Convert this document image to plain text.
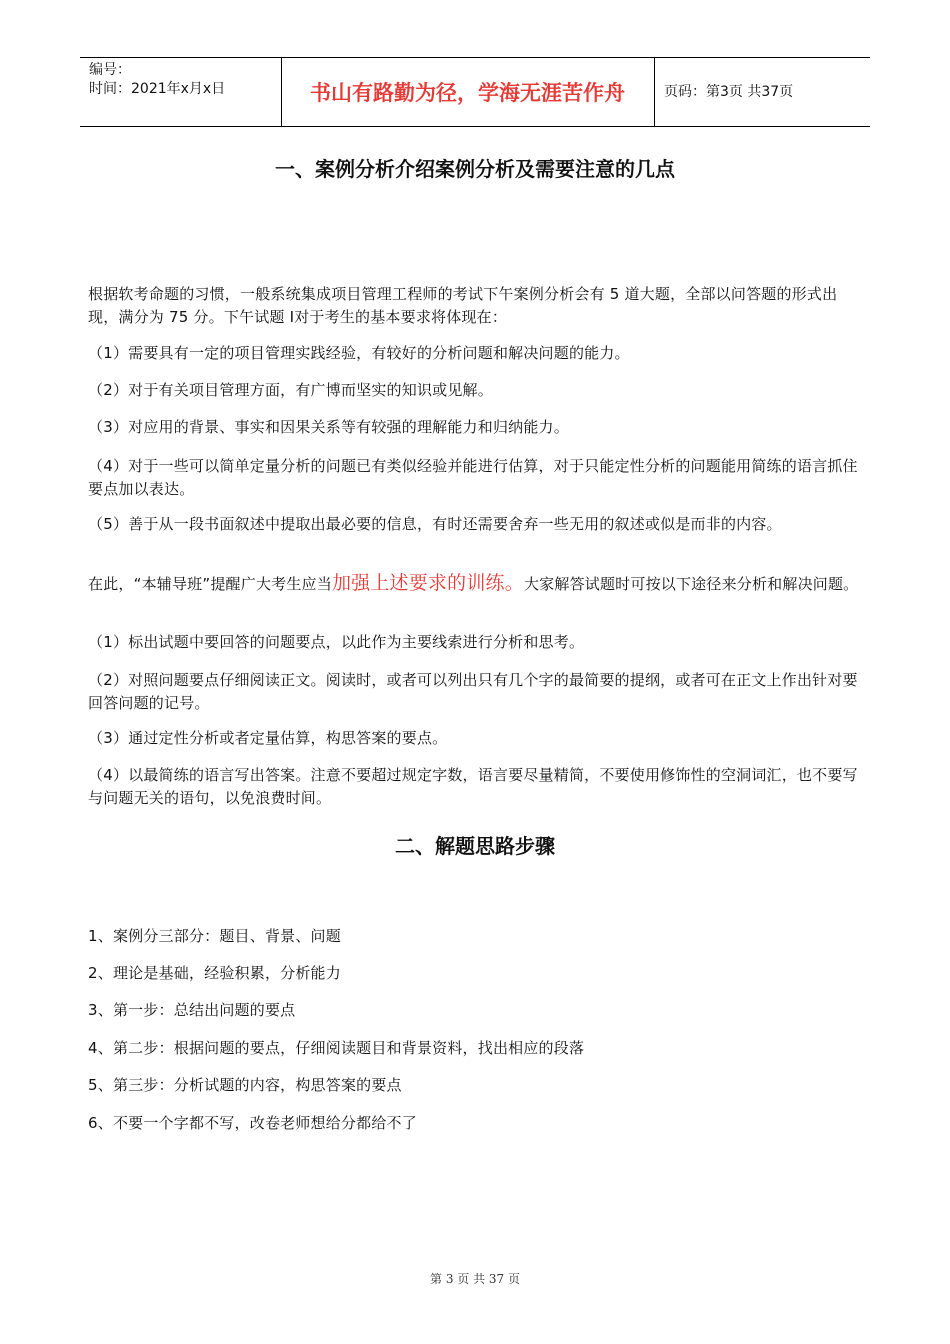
编号：
时间：2021年x月x日	书山有路勤为径，学海无涯苦作舟	页码：第3页 共37页
一、案例分析介绍案例分析及需要注意的几点
根据软考命题的习惯，一般系统集成项目管理工程师的考试下午案例分析会有 5 道大题，全部以问答题的形式出现，满分为 75 分。下午试题 Ⅰ对于考生的基本要求将体现在：
（1）需要具有一定的项目管理实践经验，有较好的分析问题和解决问题的能力。
（2）对于有关项目管理方面，有广博而坚实的知识或见解。
（3）对应用的背景、事实和因果关系等有较强的理解能力和归纳能力。
（4）对于一些可以简单定量分析的问题已有类似经验并能进行估算，对于只能定性分析的问题能用简练的语言抓住要点加以表达。
（5）善于从一段书面叙述中提取出最必要的信息，有时还需要舍弃一些无用的叙述或似是而非的内容。
在此，“本辅导班”提醒广大考生应当加强上述要求的训练。大家解答试题时可按以下途径来分析和解决问题。
（1）标出试题中要回答的问题要点，以此作为主要线索进行分析和思考。
（2）对照问题要点仔细阅读正文。阅读时，或者可以列出只有几个字的最简要的提纲，或者可在正文上作出针对要回答问题的记号。
（3）通过定性分析或者定量估算，构思答案的要点。
（4）以最简练的语言写出答案。注意不要超过规定字数，语言要尽量精简，不要使用修饰性的空洞词汇，也不要写与问题无关的语句，以免浪费时间。
二、解题思路步骤
1、案例分三部分：题目、背景、问题
2、理论是基础，经验积累，分析能力
3、第一步：总结出问题的要点
4、第二步：根据问题的要点，仔细阅读题目和背景资料，找出相应的段落
5、第三步：分析试题的内容，构思答案的要点
6、不要一个字都不写，改卷老师想给分都给不了
第 3 页 共 37 页
